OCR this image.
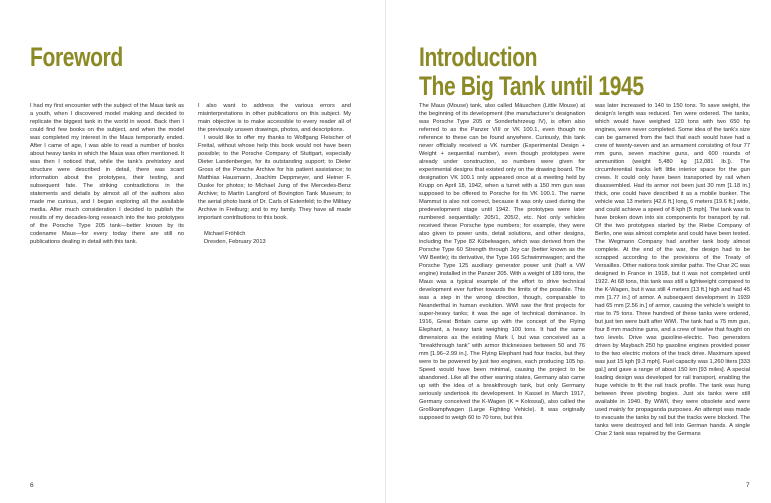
Foreword

I had my first encounter with the subject of the Maus tank as a youth, when I discovered model making and decided to replicate the biggest tank in the world in wood. Back then I could find few books on the subject, and when the model was completed my interest in the Maus temporarily ended. After I came of age, I was able to read a number of books about heavy tanks in which the Maus was often mentioned. It was then I noticed that, while the tank’s prehistory and structure were described in detail, there was scant information about the prototypes, their testing, and subsequent fate. The striking contradictions in the statements and details by almost all of the authors also made me curious, and I began exploring all the available media. After much consideration I decided to publish the results of my decades-long research into the two prototypes of the Porsche Type 205 tank—better known by its codename Maus—for every today there are still no publications dealing in detail with this tank.

I also want to address the various errors and misinterpretations in other publications on this subject. My main objective is to make accessible to every reader all of the previously unseen drawings, photos, and descriptions.

I would like to offer my thanks to Wolfgang Fleischer of Freital, without whose help this book would not have been possible; to the Porsche Company of Stuttgart, especially Dieter Landenberger, for its outstanding support; to Dieter Gross of the Porsche Archive for his patient assistance; to Matthias Hausmann, Joachim Deppmeyer, and Heiner F. Duske for photos; to Michael Jung of the Mercedes-Benz Archive; to Martin Langford of Bovington Tank Museum; to the aerial photo bank of Dr. Carls of Estenfeld; to the Military Archive in Freiburg; and to my family. They have all made important contributions to this book.

Michael Fröhlich

Dresden, February 2013

6
Introduction
The Big Tank until 1945

The Maus (Mouse) tank, also called Mäuschen (Little Mouse) at the beginning of its development (the manufacturer’s designation was Porsche Type 205 or Sonderfahrzeug IV), is often also referred to as the Panzer VIII or VK 100.1, even though no reference to these can be found anywhere. Curiously, this tank never officially received a VK number (Experimental Design + Weight + sequential number), even though prototypes were already under construction, so numbers were given for experimental designs that existed only on the drawing board. The designation VK 100.1 only appeared once at a meeting held by Krupp on April 18, 1942, when a turret with a 150 mm gun was supposed to be offered to Porsche for its VK 100.1. The name Mammut is also not correct, because it was only used during the predevelopment stage until 1942. The prototypes were later numbered sequentially: 205/1, 205/2, etc. Not only vehicles received these Porsche type numbers; for example, they were also given to power units, detail solutions, and other designs, including the Type 82 Kübelwagen, which was derived from the Porsche Type 60 Strength through Joy car (better known as the VW Beetle); its derivative, the Type 166 Schwimmwagen; and the Porsche Type 125 auxiliary generator power unit (half a VW engine) installed in the Panzer 205. With a weight of 189 tons, the Maus was a typical example of the effort to drive technical development ever further towards the limits of the possible. This was a step in the wrong direction, though, comparable to Neanderthal in human evolution. WWI saw the first projects for super-heavy tanks; it was the age of technical dominance. In 1916, Great Britain came up with the concept of the Flying Elephant, a heavy tank weighing 100 tons. It had the same dimensions as the existing Mark I, but was conceived as a “breakthrough tank” with armor thicknesses between 50 and 76 mm [1.96–2.99 in.]. The Flying Elephant had four tracks, but they were to be powered by just two engines, each producing 105 hp. Speed would have been minimal, causing the project to be abandoned. Like all the other warring states, Germany also came up with the idea of a breakthrough tank, but only Germany seriously undertook its development. In Kassel in March 1917, Germany conceived the K-Wagen (K = Kolossal), also called the Großkampfwagen (Large Fighting Vehicle). It was originally supposed to weigh 60 to 70 tons, but this

was later increased to 140 to 150 tons. To save weight, the design’s length was reduced. Ten were ordered. The tanks, which would have weighed 120 tons with two 650 hp engines, were never completed. Some idea of the tank’s size can be garnered from the fact that each would have had a crew of twenty-seven and an armament consisting of four 77 mm guns, seven machine guns, and 600 rounds of ammunition (weight 5,480 kg [12,081 lb.]). The circumferential tracks left little interior space for the gun crews. It could only have been transported by rail when disassembled. Had its armor not been just 30 mm [1.18 in.] thick, one could have described it as a mobile bunker. The vehicle was 13 meters [42.6 ft.] long, 6 meters [19.6 ft.] wide, and could achieve a speed of 8 kph [5 mph]. The tank was to have broken down into six components for transport by rail. Of the two prototypes started by the Riebe Company of Berlin, one was almost complete and could have been tested. The Wegmann Company had another tank body almost complete. At the end of the war, the design had to be scrapped according to the provisions of the Treaty of Versailles. Other nations took similar paths. The Char 2C was designed in France in 1918, but it was not completed until 1922. At 68 tons, this tank was still a lightweight compared to the K-Wagen, but it was still 4 meters [13 ft.] high and had 45 mm [1.77 in.] of armor. A subsequent development in 1939 had 65 mm [2.56 in.] of armor, causing the vehicle’s weight to rise to 75 tons. Three hundred of these tanks were ordered, but just ten were built after WWI. The tank had a 75 mm gun, four 8 mm machine guns, and a crew of twelve that fought on two levels. Drive was gasoline-electric. Two generators driven by Maybach 250 hp gasoline engines provided power to the two electric motors of the track drive. Maximum speed was just 15 kph [9.3 mph]. Fuel capacity was 1,260 liters [333 gal.] and gave a range of about 150 km [93 miles]. A special loading design was developed for rail transport, enabling the huge vehicle to fit the rail track profile. The tank was hung between three pivoting bogies. Just six tanks were still available in 1940. By WWII, they were obsolete and were used mainly for propaganda purposes. An attempt was made to evacuate the tanks by rail but the tracks were blocked. The tanks were destroyed and fell into German hands. A single Char 2 tank was repaired by the Germans

7
